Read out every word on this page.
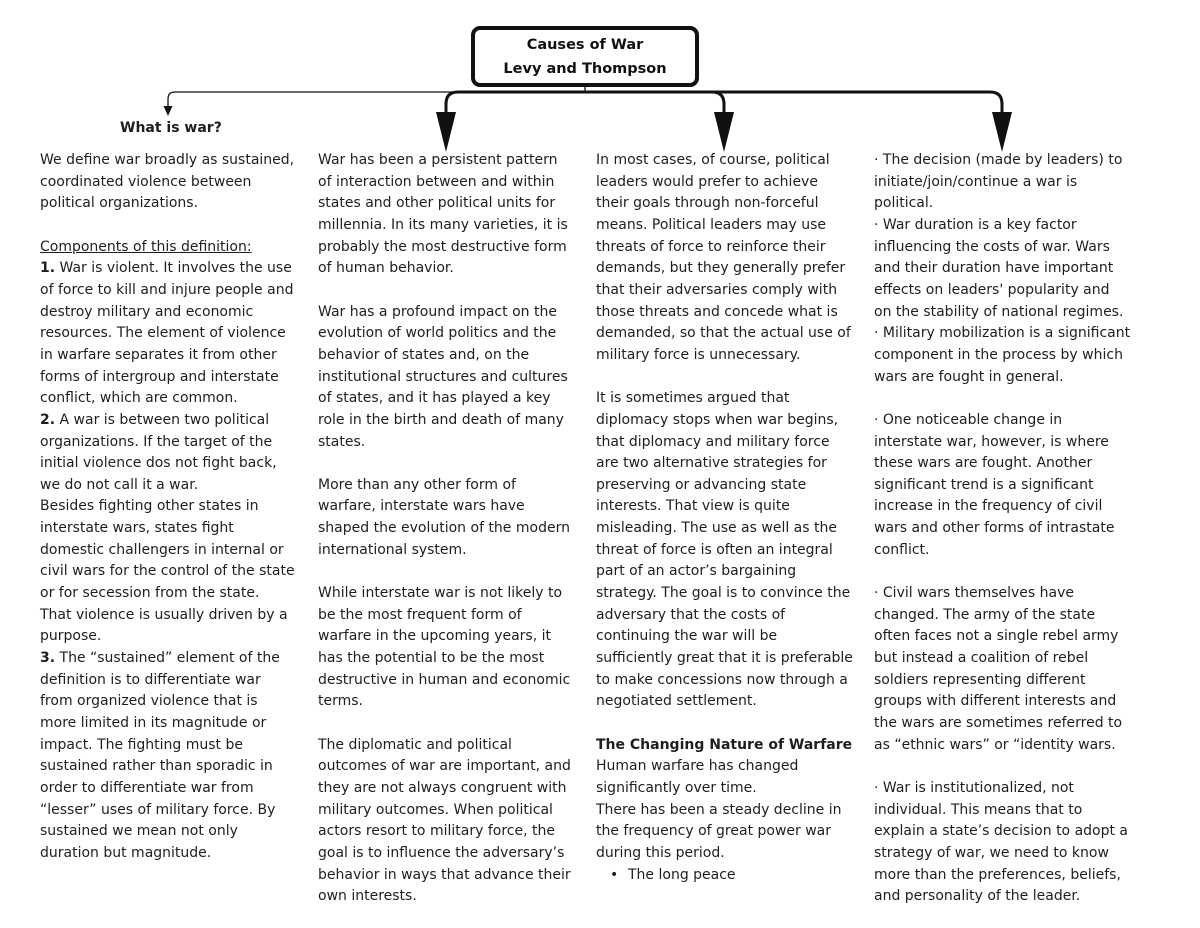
Causes of War
Levy and Thompson
What is war?

We define war broadly as sustained,

coordinated violence between

political organizations.

Components of this definition:

1. War is violent. It involves the use

of force to kill and injure people and

destroy military and economic

resources. The element of violence

in warfare separates it from other

forms of intergroup and interstate

conflict, which are common.

2. A war is between two political

organizations. If the target of the

initial violence dos not fight back,

we do not call it a war.

Besides fighting other states in

interstate wars, states fight

domestic challengers in internal or

civil wars for the control of the state

or for secession from the state.

That violence is usually driven by a

purpose.

3. The “sustained” element of the

definition is to differentiate war

from organized violence that is

more limited in its magnitude or

impact. The fighting must be

sustained rather than sporadic in

order to differentiate war from

“lesser” uses of military force. By

sustained we mean not only

duration but magnitude.

War has been a persistent pattern

of interaction between and within

states and other political units for

millennia. In its many varieties, it is

probably the most destructive form

of human behavior.

War has a profound impact on the

evolution of world politics and the

behavior of states and, on the

institutional structures and cultures

of states, and it has played a key

role in the birth and death of many

states.

More than any other form of

warfare, interstate wars have

shaped the evolution of the modern

international system.

While interstate war is not likely to

be the most frequent form of

warfare in the upcoming years, it

has the potential to be the most

destructive in human and economic

terms.

The diplomatic and political

outcomes of war are important, and

they are not always congruent with

military outcomes. When political

actors resort to military force, the

goal is to influence the adversary’s

behavior in ways that advance their

own interests.

In most cases, of course, political

leaders would prefer to achieve

their goals through non-forceful

means. Political leaders may use

threats of force to reinforce their

demands, but they generally prefer

that their adversaries comply with

those threats and concede what is

demanded, so that the actual use of

military force is unnecessary.

It is sometimes argued that

diplomacy stops when war begins,

that diplomacy and military force

are two alternative strategies for

preserving or advancing state

interests. That view is quite

misleading. The use as well as the

threat of force is often an integral

part of an actor’s bargaining

strategy. The goal is to convince the

adversary that the costs of

continuing the war will be

sufficiently great that it is preferable

to make concessions now through a

negotiated settlement.

The Changing Nature of Warfare

Human warfare has changed

significantly over time.

There has been a steady decline in

the frequency of great power war

during this period.

• The long peace

· The decision (made by leaders) to

initiate/join/continue a war is

political.

· War duration is a key factor

influencing the costs of war. Wars

and their duration have important

effects on leaders' popularity and

on the stability of national regimes.

· Military mobilization is a significant

component in the process by which

wars are fought in general.

· One noticeable change in

interstate war, however, is where

these wars are fought. Another

significant trend is a significant

increase in the frequency of civil

wars and other forms of intrastate

conflict.

· Civil wars themselves have

changed. The army of the state

often faces not a single rebel army

but instead a coalition of rebel

soldiers representing different

groups with different interests and

the wars are sometimes referred to

as “ethnic wars” or “identity wars.

· War is institutionalized, not

individual. This means that to

explain a state’s decision to adopt a

strategy of war, we need to know

more than the preferences, beliefs,

and personality of the leader.
